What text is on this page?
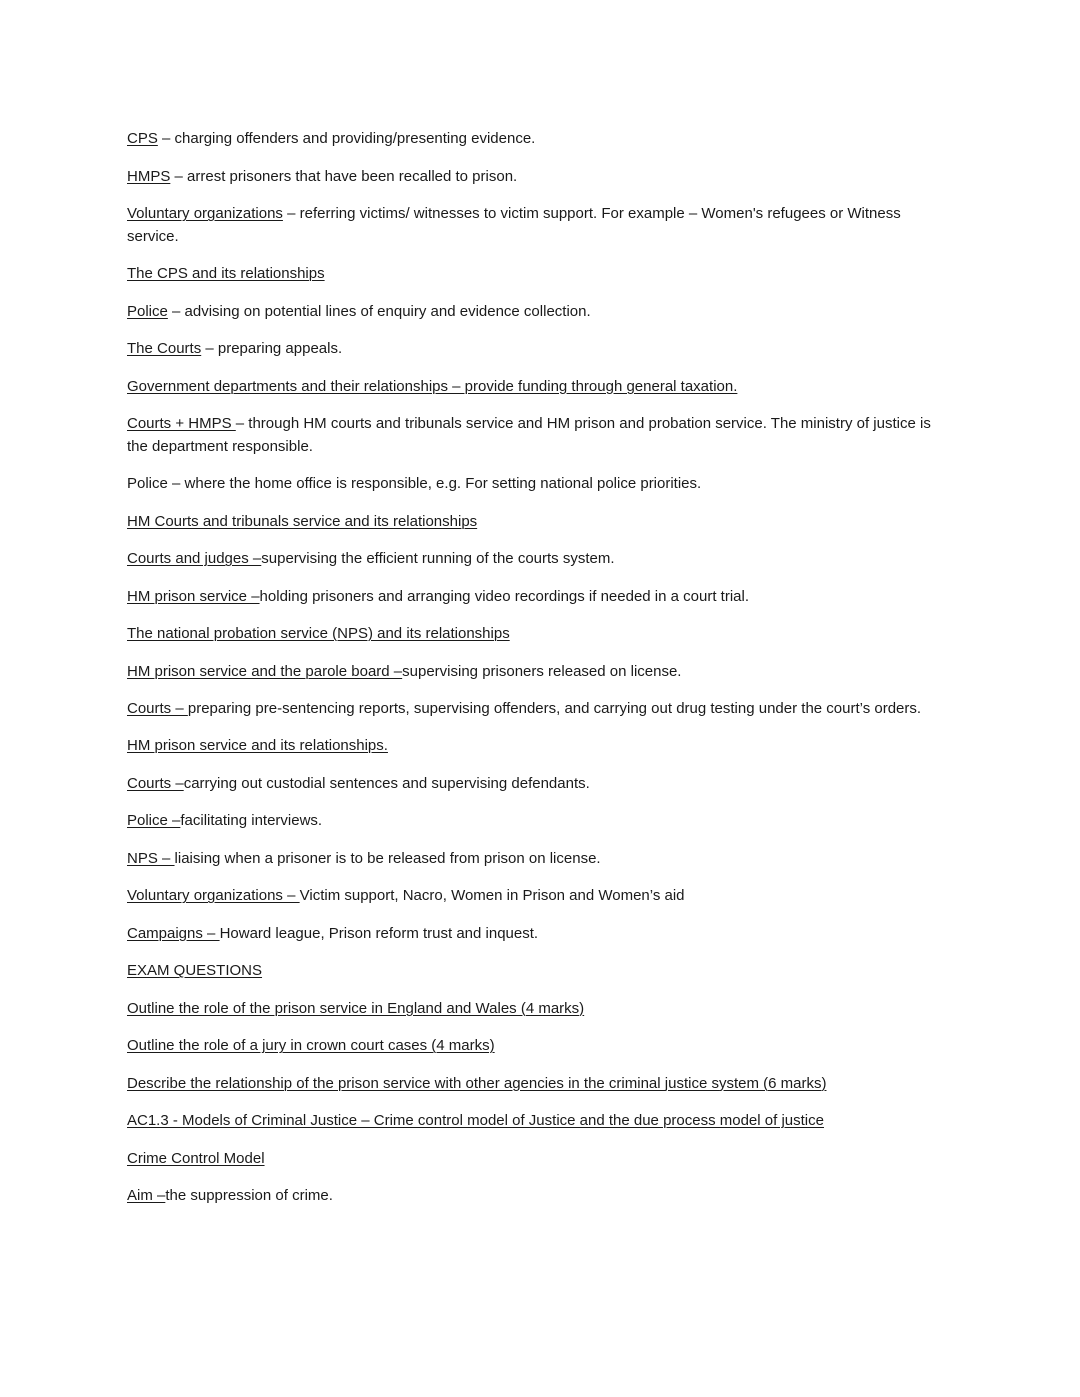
CPS – charging offenders and providing/presenting evidence.

HMPS – arrest prisoners that have been recalled to prison.

Voluntary organizations – referring victims/ witnesses to victim support. For example – Women's refugees or Witness service.

The CPS and its relationships

Police – advising on potential lines of enquiry and evidence collection.

The Courts – preparing appeals.

Government departments and their relationships – provide funding through general taxation.

Courts + HMPS – through HM courts and tribunals service and HM prison and probation service. The ministry of justice is the department responsible.

Police – where the home office is responsible, e.g. For setting national police priorities.

HM Courts and tribunals service and its relationships

Courts and judges –supervising the efficient running of the courts system.

HM prison service –holding prisoners and arranging video recordings if needed in a court trial.

The national probation service (NPS) and its relationships

HM prison service and the parole board –supervising prisoners released on license.

Courts – preparing pre-sentencing reports, supervising offenders, and carrying out drug testing under the court’s orders.

HM prison service and its relationships.

Courts –carrying out custodial sentences and supervising defendants.

Police –facilitating interviews.

NPS – liaising when a prisoner is to be released from prison on license.

Voluntary organizations – Victim support, Nacro, Women in Prison and Women’s aid

Campaigns – Howard league, Prison reform trust and inquest.

EXAM QUESTIONS

Outline the role of the prison service in England and Wales (4 marks)

Outline the role of a jury in crown court cases (4 marks)

Describe the relationship of the prison service with other agencies in the criminal justice system (6 marks)

AC1.3 - Models of Criminal Justice – Crime control model of Justice and the due process model of justice

Crime Control Model

Aim –the suppression of crime.
